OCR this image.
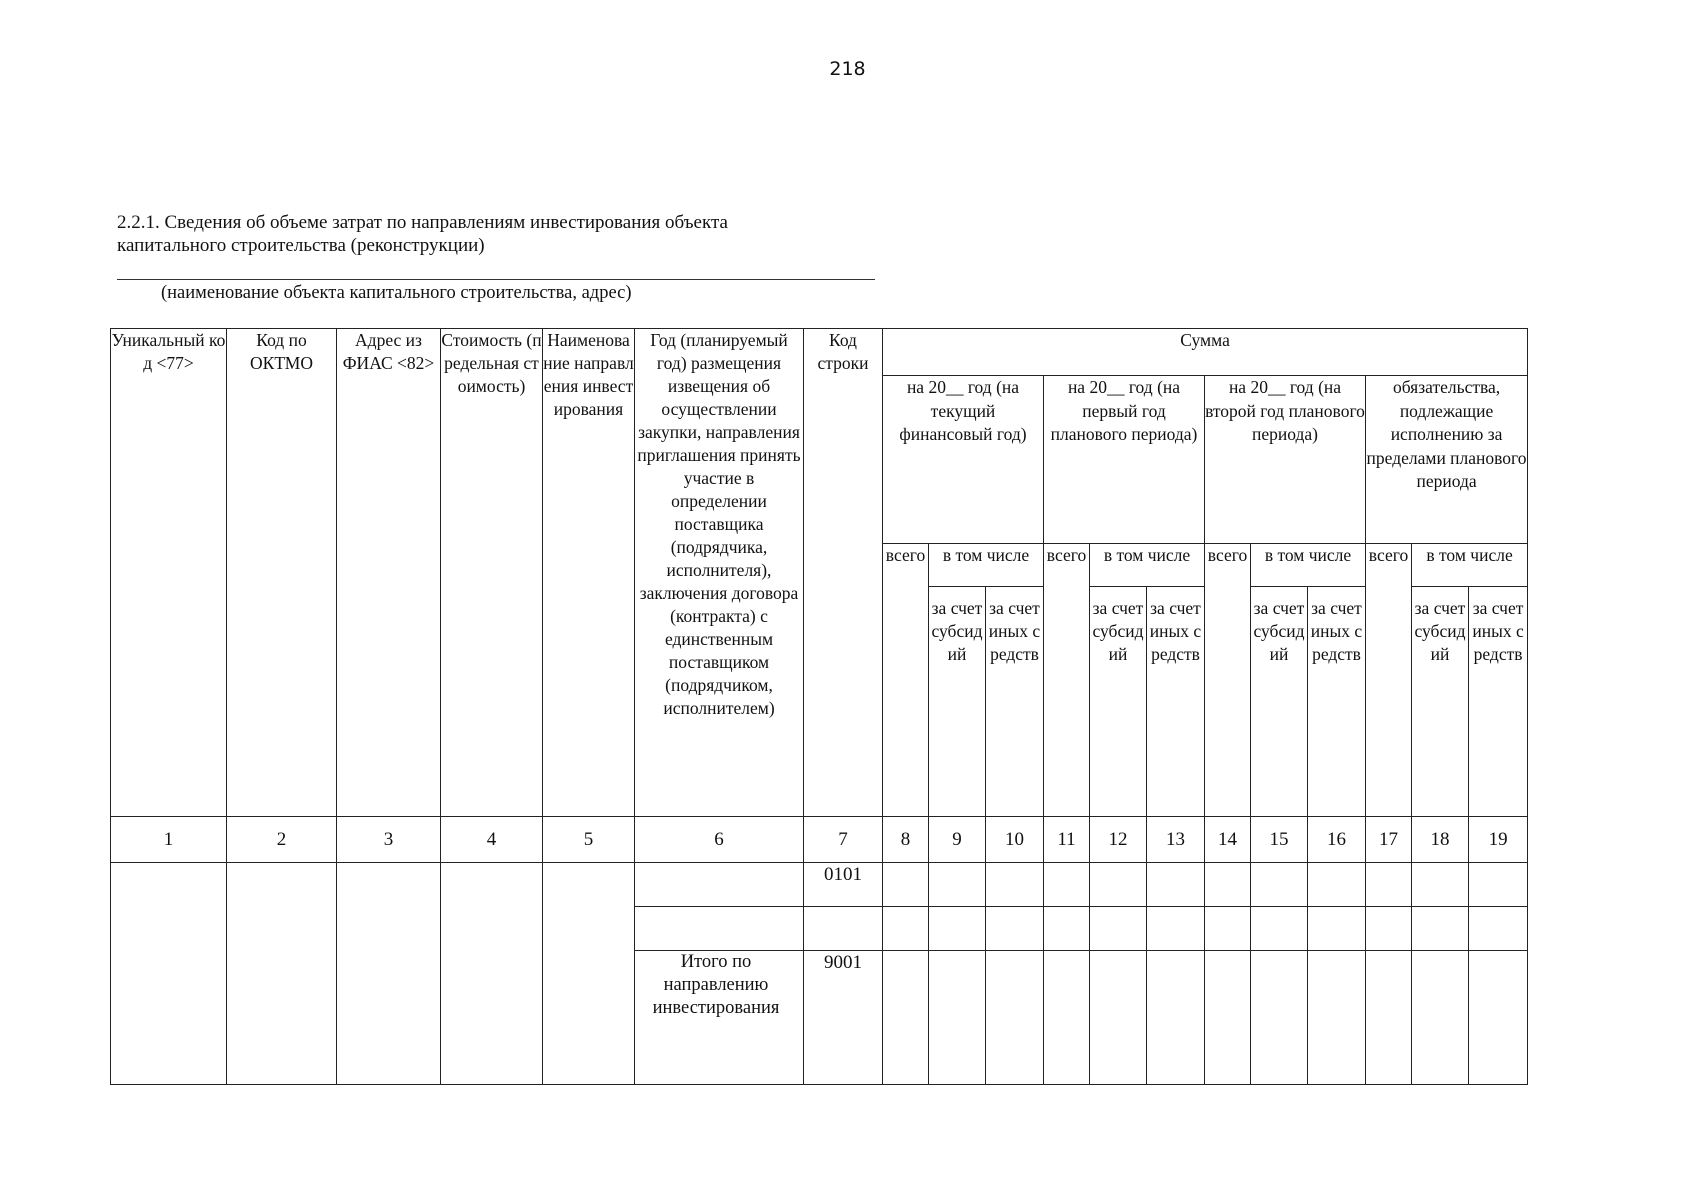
218
2.2.1. Сведения об объеме затрат по направлениям инвестирования объекта
капитального строительства (реконструкции)
(наименование объекта капитального строительства, адрес)
Уникальный код <77>	Код по ОКТМО	Адрес из ФИАС <82>	Стоимость (предельная стоимость)	Наименование направления инвестирования	Год (планируемый год) размещения извещения об осуществлении закупки, направления приглашения принять участие в определении поставщика (подрядчика, исполнителя), заключения договора (контракта) с единственным поставщиком (подрядчиком, исполнителем)	Код строки	Сумма											
							на 20__ год (на текущий финансовый год)			на 20__ год (на первый год планового периода)			на 20__ год (на второй год планового периода)			обязательства, подлежащие исполнению за пределами планового периода		
							всего	в том числе		всего	в том числе		всего	в том числе		всего	в том числе	
								за счет субсидий	за счет иных средств		за счет субсидий	за счет иных средств		за счет субсидий	за счет иных средств		за счет субсидий	за счет иных средств
1	2	3	4	5	6	7	8	9	10	11	12	13	14	15	16	17	18	19
						0101												

					Итого по направлению инвестирования	9001												
